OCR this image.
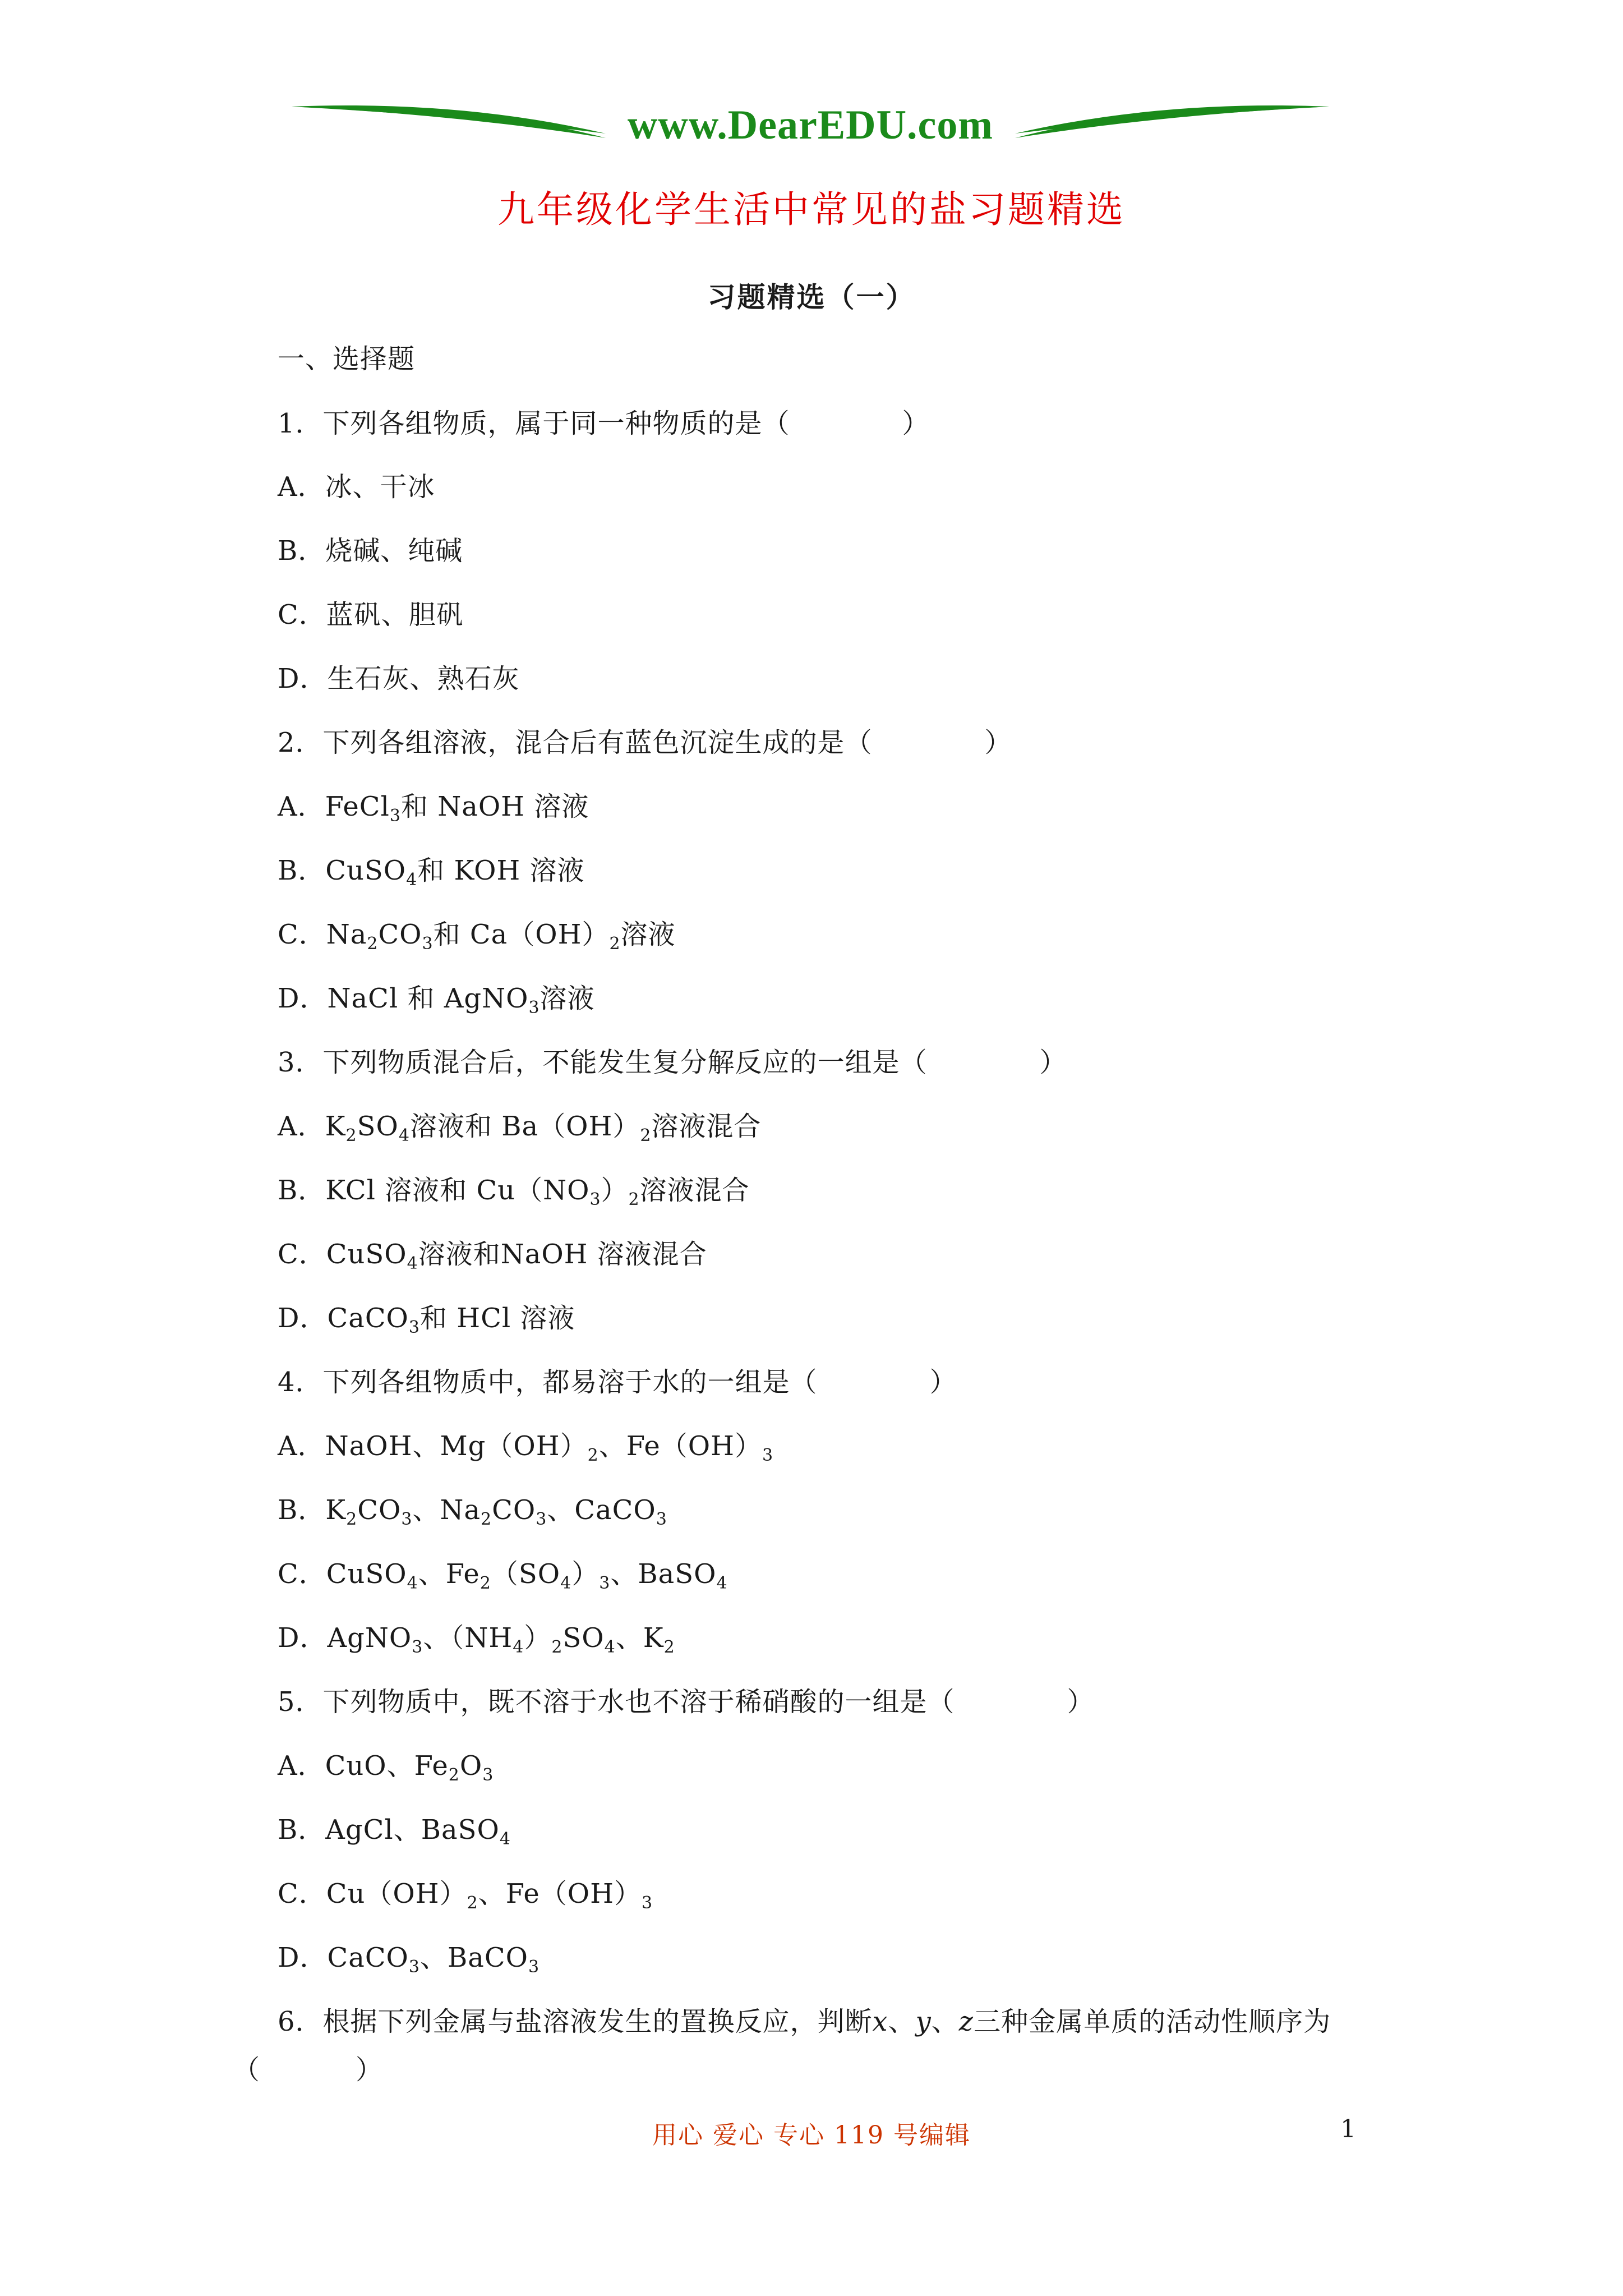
www.DearEDU.com
九年级化学生活中常见的盐习题精选
习题精选（一）
一、选择题
1．下列各组物质，属于同一种物质的是（	）
A．冰、干冰
B．烧碱、纯碱
C．蓝矾、胆矾
D．生石灰、熟石灰
2．下列各组溶液，混合后有蓝色沉淀生成的是（	）
A．FeCl$_3$和 NaOH 溶液
B．CuSO$_4$和 KOH 溶液
C．$Na_2CO_3$和 $Ca(OH)_2$溶液
D．NaCl 和 AgNO$_3$溶液
3．下列物质混合后，不能发生复分解反应的一组是（	）
A．$K_2SO_4$溶液和 $Ba(OH)_2$溶液混合
B．KCl 溶液和 $Cu(NO_3)_2$溶液混合
C．CuSO$_4$溶液和NaOH 溶液混合
D．CaCO$_3$和 HCl 溶液
4．下列各组物质中，都易溶于水的一组是（	）
A．NaOH、$Mg(OH)_2$、$Fe(OH)_3$
B．$K_2CO_3$、$Na_2CO_3$、CaCO$_3$
C．CuSO$_4$、$Fe_2(SO_4)_3$、BaSO$_4$
D．AgNO$_3$、$(NH_4)_2SO_4$、$K_2$
5．下列物质中，既不溶于水也不溶于稀硝酸的一组是（	）
A．CuO、$Fe_2O_3$
B．AgCl、BaSO$_4$
C．$Cu(OH)_2$、$Fe(OH)_3$
D．CaCO$_3$、BaCO$_3$
6．根据下列金属与盐溶液发生的置换反应，判断x、y、z三种金属单质的活动性顺序为
（	）
用心 爱心 专心 119 号编辑	1
